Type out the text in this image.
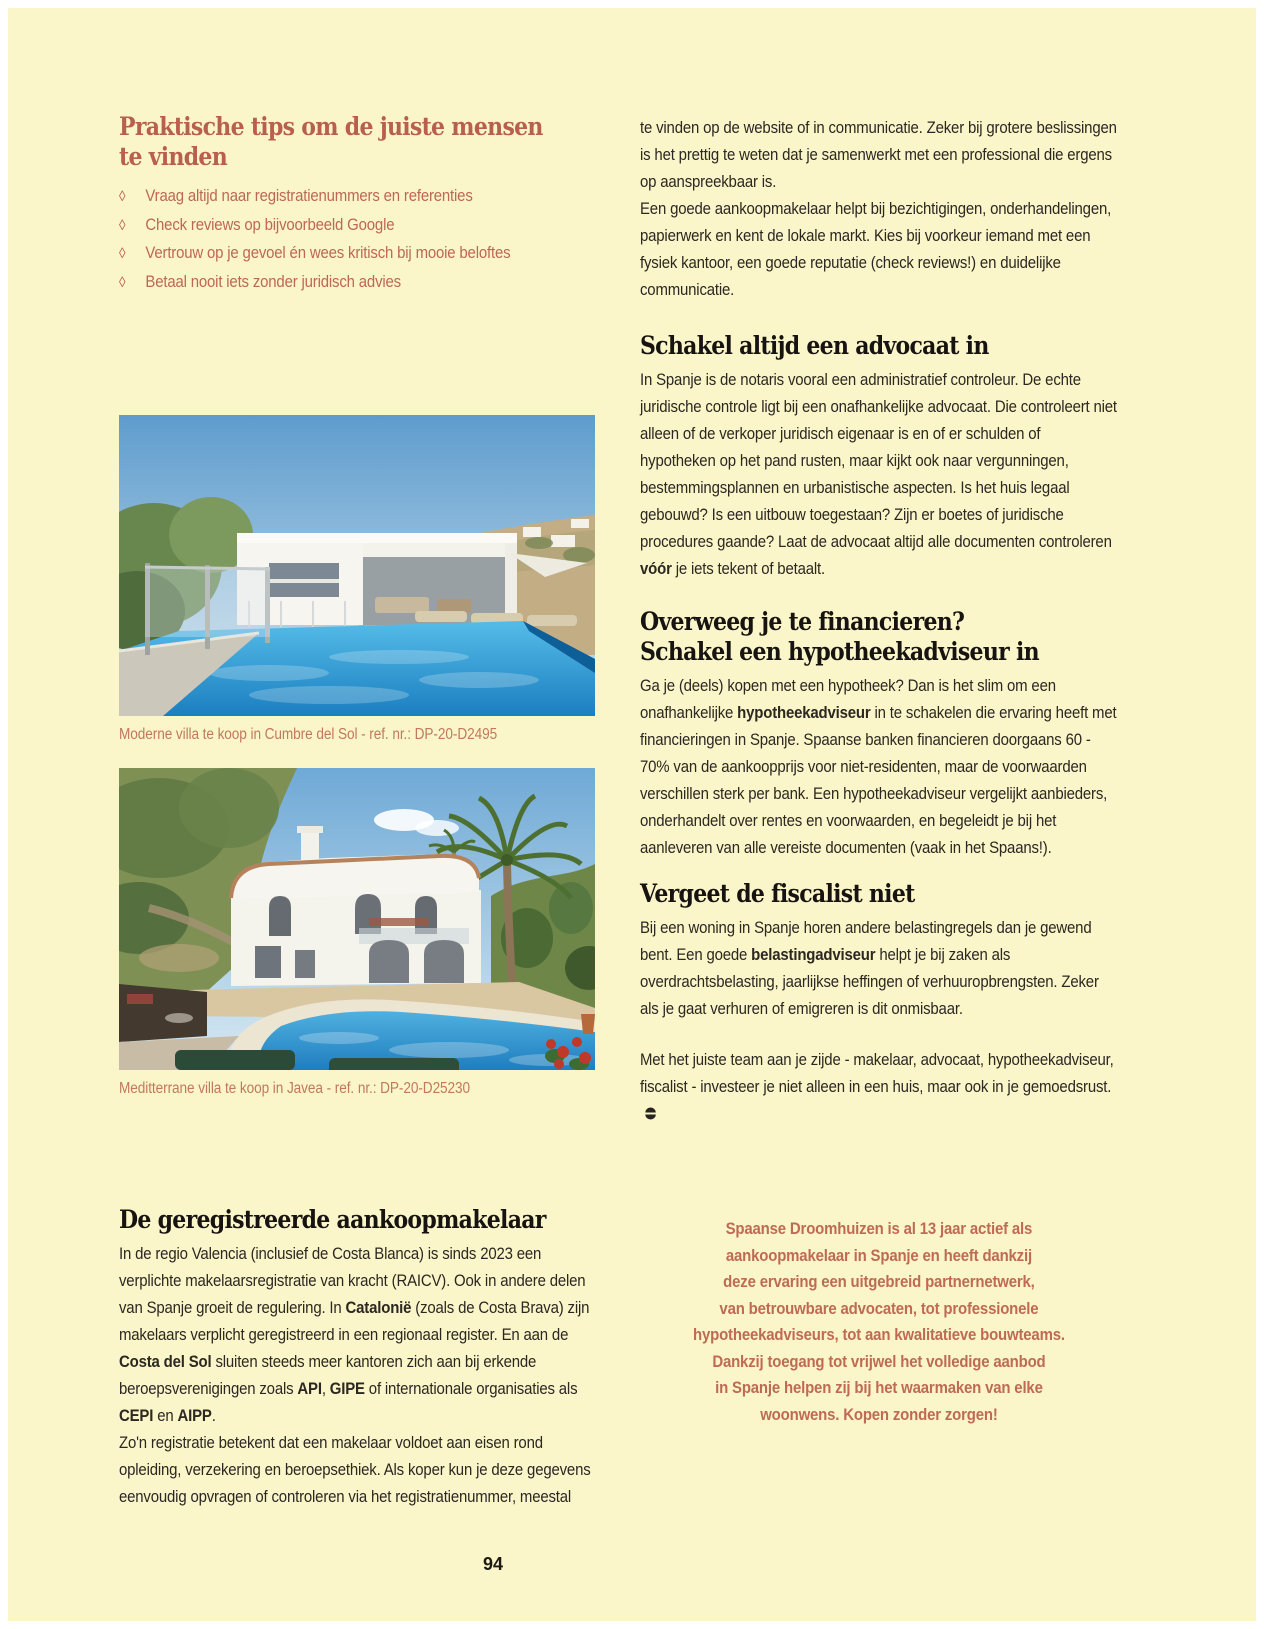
Praktische tips om de juiste mensen
te vinden
◊	Vraag altijd naar registratienummers en referenties
◊	Check reviews op bijvoorbeeld Google
◊	Vertrouw op je gevoel én wees kritisch bij mooie beloftes
◊	Betaal nooit iets zonder juridisch advies
Moderne villa te koop in Cumbre del Sol - ref. nr.: DP-20-D2495
Meditterrane villa te koop in Javea - ref. nr.: DP-20-D25230
De geregistreerde aankoopmakelaar

In de regio Valencia (inclusief de Costa Blanca) is sinds 2023 een verplichte makelaarsregistratie van kracht (RAICV). Ook in andere delen van Spanje groeit de regulering. In Catalonië (zoals de Costa Brava) zijn makelaars verplicht geregistreerd in een regionaal register. En aan de Costa del Sol sluiten steeds meer kantoren zich aan bij erkende beroepsverenigingen zoals API, GIPE of internationale organisaties als CEPI en AIPP.

Zo'n registratie betekent dat een makelaar voldoet aan eisen rond opleiding, verzekering en beroepsethiek. Als koper kun je deze gegevens eenvoudig opvragen of controleren via het registratienummer, meestal

te vinden op de website of in communicatie. Zeker bij grotere beslissingen is het prettig te weten dat je samenwerkt met een professional die ergens op aanspreekbaar is.

Een goede aankoopmakelaar helpt bij bezichtigingen, onderhandelingen, papierwerk en kent de lokale markt. Kies bij voorkeur iemand met een fysiek kantoor, een goede reputatie (check reviews!) en duidelijke communicatie.

Schakel altijd een advocaat in

In Spanje is de notaris vooral een administratief controleur. De echte juridische controle ligt bij een onafhankelijke advocaat. Die controleert niet alleen of de verkoper juridisch eigenaar is en of er schulden of hypotheken op het pand rusten, maar kijkt ook naar vergunningen, bestemmingsplannen en urbanistische aspecten. Is het huis legaal gebouwd? Is een uitbouw toegestaan? Zijn er boetes of juridische procedures gaande? Laat de advocaat altijd alle documenten controleren vóór je iets tekent of betaalt.

Overweeg je te financieren?
Schakel een hypotheekadviseur in

Ga je (deels) kopen met een hypotheek? Dan is het slim om een onafhankelijke hypotheekadviseur in te schakelen die ervaring heeft met financieringen in Spanje. Spaanse banken financieren doorgaans 60 - 70% van de aankoopprijs voor niet-residenten, maar de voorwaarden verschillen sterk per bank. Een hypotheekadviseur vergelijkt aanbieders, onderhandelt over rentes en voorwaarden, en begeleidt je bij het aanleveren van alle vereiste documenten (vaak in het Spaans!).

Vergeet de fiscalist niet

Bij een woning in Spanje horen andere belastingregels dan je gewend bent. Een goede belastingadviseur helpt je bij zaken als overdrachtsbelasting, jaarlijkse heffingen of verhuuropbrengsten. Zeker als je gaat verhuren of emigreren is dit onmisbaar.

Met het juiste team aan je zijde - makelaar, advocaat, hypotheekadviseur, fiscalist - investeer je niet alleen in een huis, maar ook in je gemoedsrust.

Spaanse Droomhuizen is al 13 jaar actief als
aankoopmakelaar in Spanje en heeft dankzij
deze ervaring een uitgebreid partnernetwerk,
van betrouwbare advocaten, tot professionele
hypotheekadviseurs, tot aan kwalitatieve bouwteams.
Dankzij toegang tot vrijwel het volledige aanbod
in Spanje helpen zij bij het waarmaken van elke
woonwens. Kopen zonder zorgen!
94
